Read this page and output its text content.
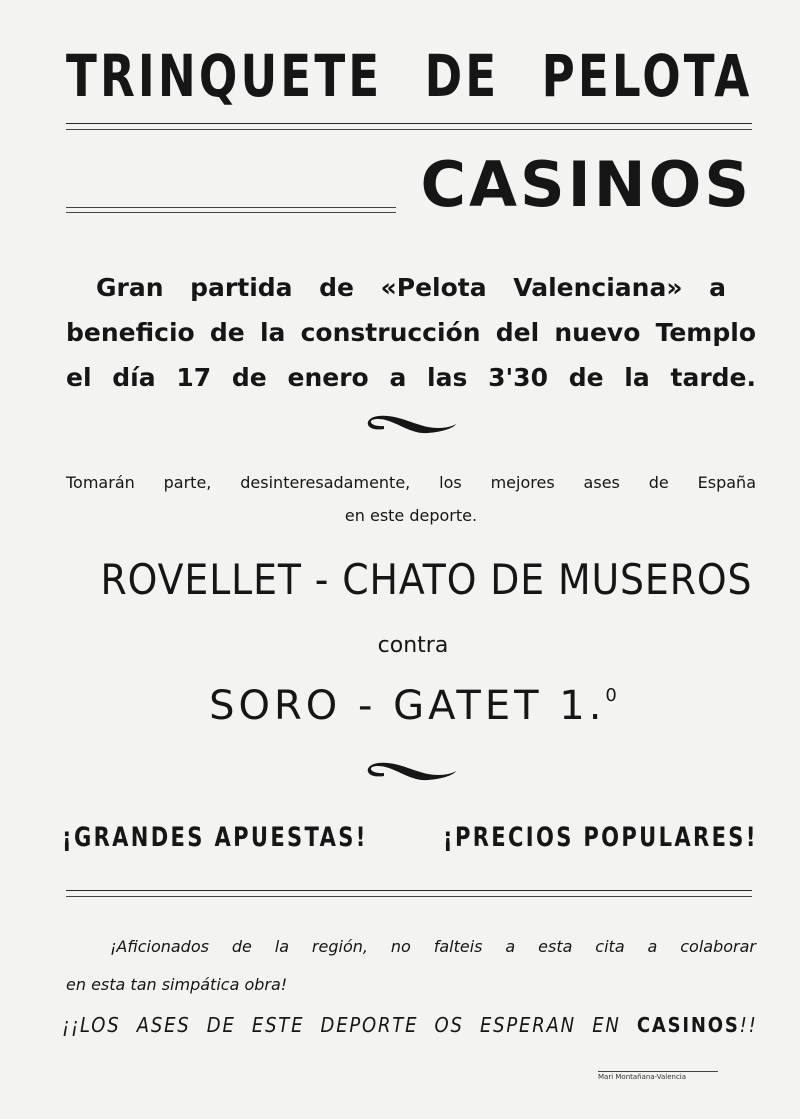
TRINQUETE DE PELOTA
CASINOS
Gran partida de «Pelota Valenciana» a
beneficio de la construcción del nuevo Templo
el día 17 de enero a las 3'30 de la tarde.
Tomarán parte, desinteresadamente, los mejores ases de España
en este deporte.
ROVELLET - CHATO DE MUSEROS
contra
SORO - GATET 1.$^0$
¡GRANDES APUESTAS!	¡PRECIOS POPULARES!
¡Aficionados de la región, no falteis a esta cita a colaborar
en esta tan simpática obra!
¡¡LOS ASES DE ESTE DEPORTE OS ESPERAN EN CASINOS!!
Mari Montañana-Valencia
